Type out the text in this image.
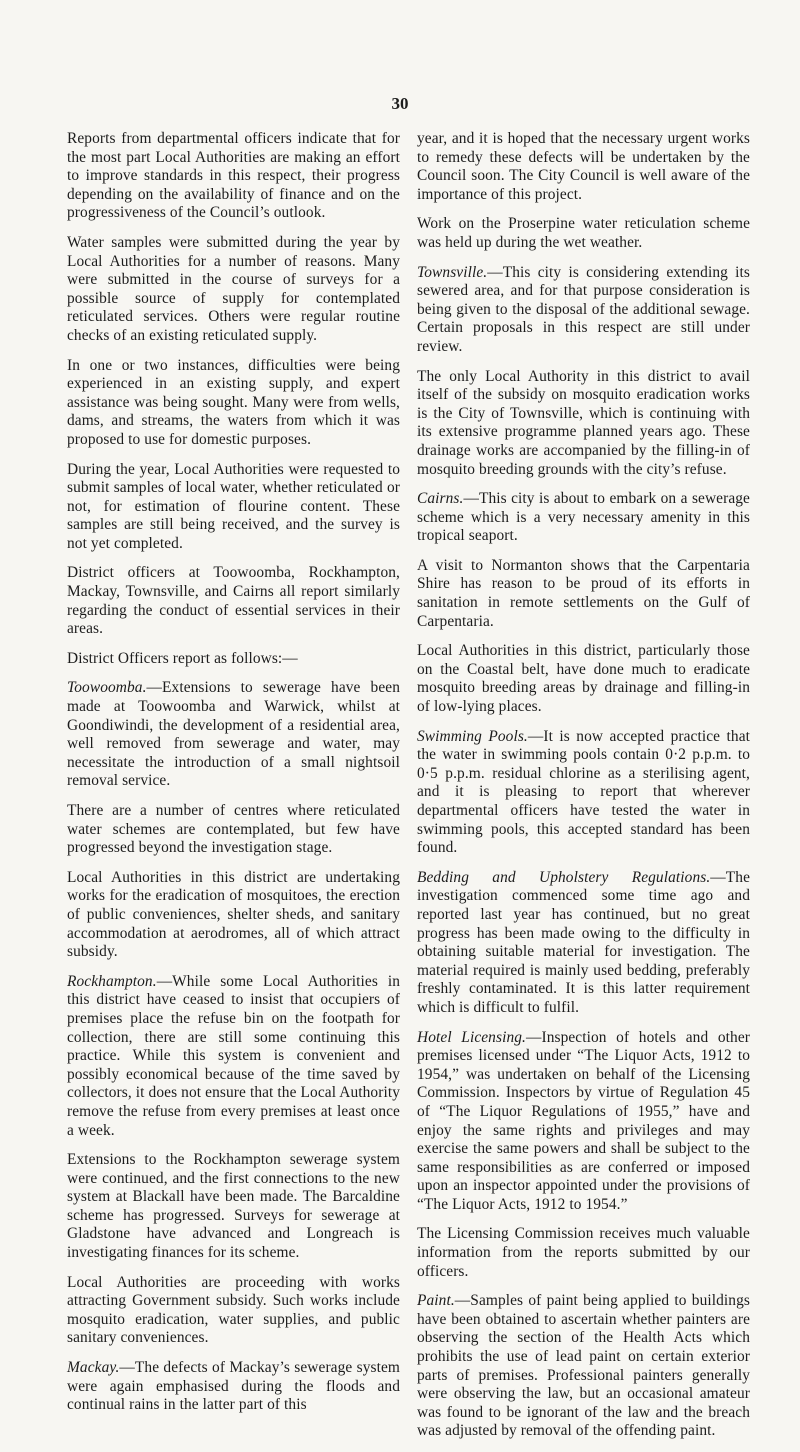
30

Reports from departmental officers indicate that for the most part Local Authorities are making an effort to improve standards in this respect, their progress depending on the availability of finance and on the progressiveness of the Council’s outlook.

Water samples were submitted during the year by Local Authorities for a number of reasons. Many were submitted in the course of surveys for a possible source of supply for contemplated reticulated services. Others were regular routine checks of an existing reticulated supply.

In one or two instances, difficulties were being experienced in an existing supply, and expert assistance was being sought. Many were from wells, dams, and streams, the waters from which it was proposed to use for domestic purposes.

During the year, Local Authorities were requested to submit samples of local water, whether reticulated or not, for estimation of flourine content. These samples are still being received, and the survey is not yet completed.

District officers at Toowoomba, Rockhampton, Mackay, Townsville, and Cairns all report similarly regarding the conduct of essential services in their areas.

District Officers report as follows:—

Toowoomba.—Extensions to sewerage have been made at Toowoomba and Warwick, whilst at Goondiwindi, the development of a residential area, well removed from sewerage and water, may necessitate the introduction of a small nightsoil removal service.

There are a number of centres where reticulated water schemes are contemplated, but few have progressed beyond the investigation stage.

Local Authorities in this district are undertaking works for the eradication of mosquitoes, the erection of public conveniences, shelter sheds, and sanitary accommodation at aerodromes, all of which attract subsidy.

Rockhampton.—While some Local Authorities in this district have ceased to insist that occupiers of premises place the refuse bin on the footpath for collection, there are still some continuing this practice. While this system is convenient and possibly economical because of the time saved by collectors, it does not ensure that the Local Authority remove the refuse from every premises at least once a week.

Extensions to the Rockhampton sewerage system were continued, and the first connections to the new system at Blackall have been made. The Barcaldine scheme has progressed. Surveys for sewerage at Gladstone have advanced and Longreach is investigating finances for its scheme.

Local Authorities are proceeding with works attracting Government subsidy. Such works include mosquito eradication, water supplies, and public sanitary conveniences.

Mackay.—The defects of Mackay’s sewerage system were again emphasised during the floods and continual rains in the latter part of this

year, and it is hoped that the necessary urgent works to remedy these defects will be undertaken by the Council soon. The City Council is well aware of the importance of this project.

Work on the Proserpine water reticulation scheme was held up during the wet weather.

Townsville.—This city is considering extending its sewered area, and for that purpose consideration is being given to the disposal of the additional sewage. Certain proposals in this respect are still under review.

The only Local Authority in this district to avail itself of the subsidy on mosquito eradication works is the City of Townsville, which is continuing with its extensive programme planned years ago. These drainage works are accompanied by the filling-in of mosquito breeding grounds with the city’s refuse.

Cairns.—This city is about to embark on a sewerage scheme which is a very necessary amenity in this tropical seaport.

A visit to Normanton shows that the Carpentaria Shire has reason to be proud of its efforts in sanitation in remote settlements on the Gulf of Carpentaria.

Local Authorities in this district, particularly those on the Coastal belt, have done much to eradicate mosquito breeding areas by drainage and filling-in of low-lying places.

Swimming Pools.—It is now accepted practice that the water in swimming pools contain 0·2 p.p.m. to 0·5 p.p.m. residual chlorine as a sterilising agent, and it is pleasing to report that wherever departmental officers have tested the water in swimming pools, this accepted standard has been found.

Bedding and Upholstery Regulations.—The investigation commenced some time ago and reported last year has continued, but no great progress has been made owing to the difficulty in obtaining suitable material for investigation. The material required is mainly used bedding, preferably freshly contaminated. It is this latter requirement which is difficult to fulfil.

Hotel Licensing.—Inspection of hotels and other premises licensed under “The Liquor Acts, 1912 to 1954,” was undertaken on behalf of the Licensing Commission. Inspectors by virtue of Regulation 45 of “The Liquor Regulations of 1955,” have and enjoy the same rights and privileges and may exercise the same powers and shall be subject to the same responsibilities as are conferred or imposed upon an inspector appointed under the provisions of “The Liquor Acts, 1912 to 1954.”

The Licensing Commission receives much valuable information from the reports submitted by our officers.

Paint.—Samples of paint being applied to buildings have been obtained to ascertain whether painters are observing the section of the Health Acts which prohibits the use of lead paint on certain exterior parts of premises. Professional painters generally were observing the law, but an occasional amateur was found to be ignorant of the law and the breach was adjusted by removal of the offending paint.
